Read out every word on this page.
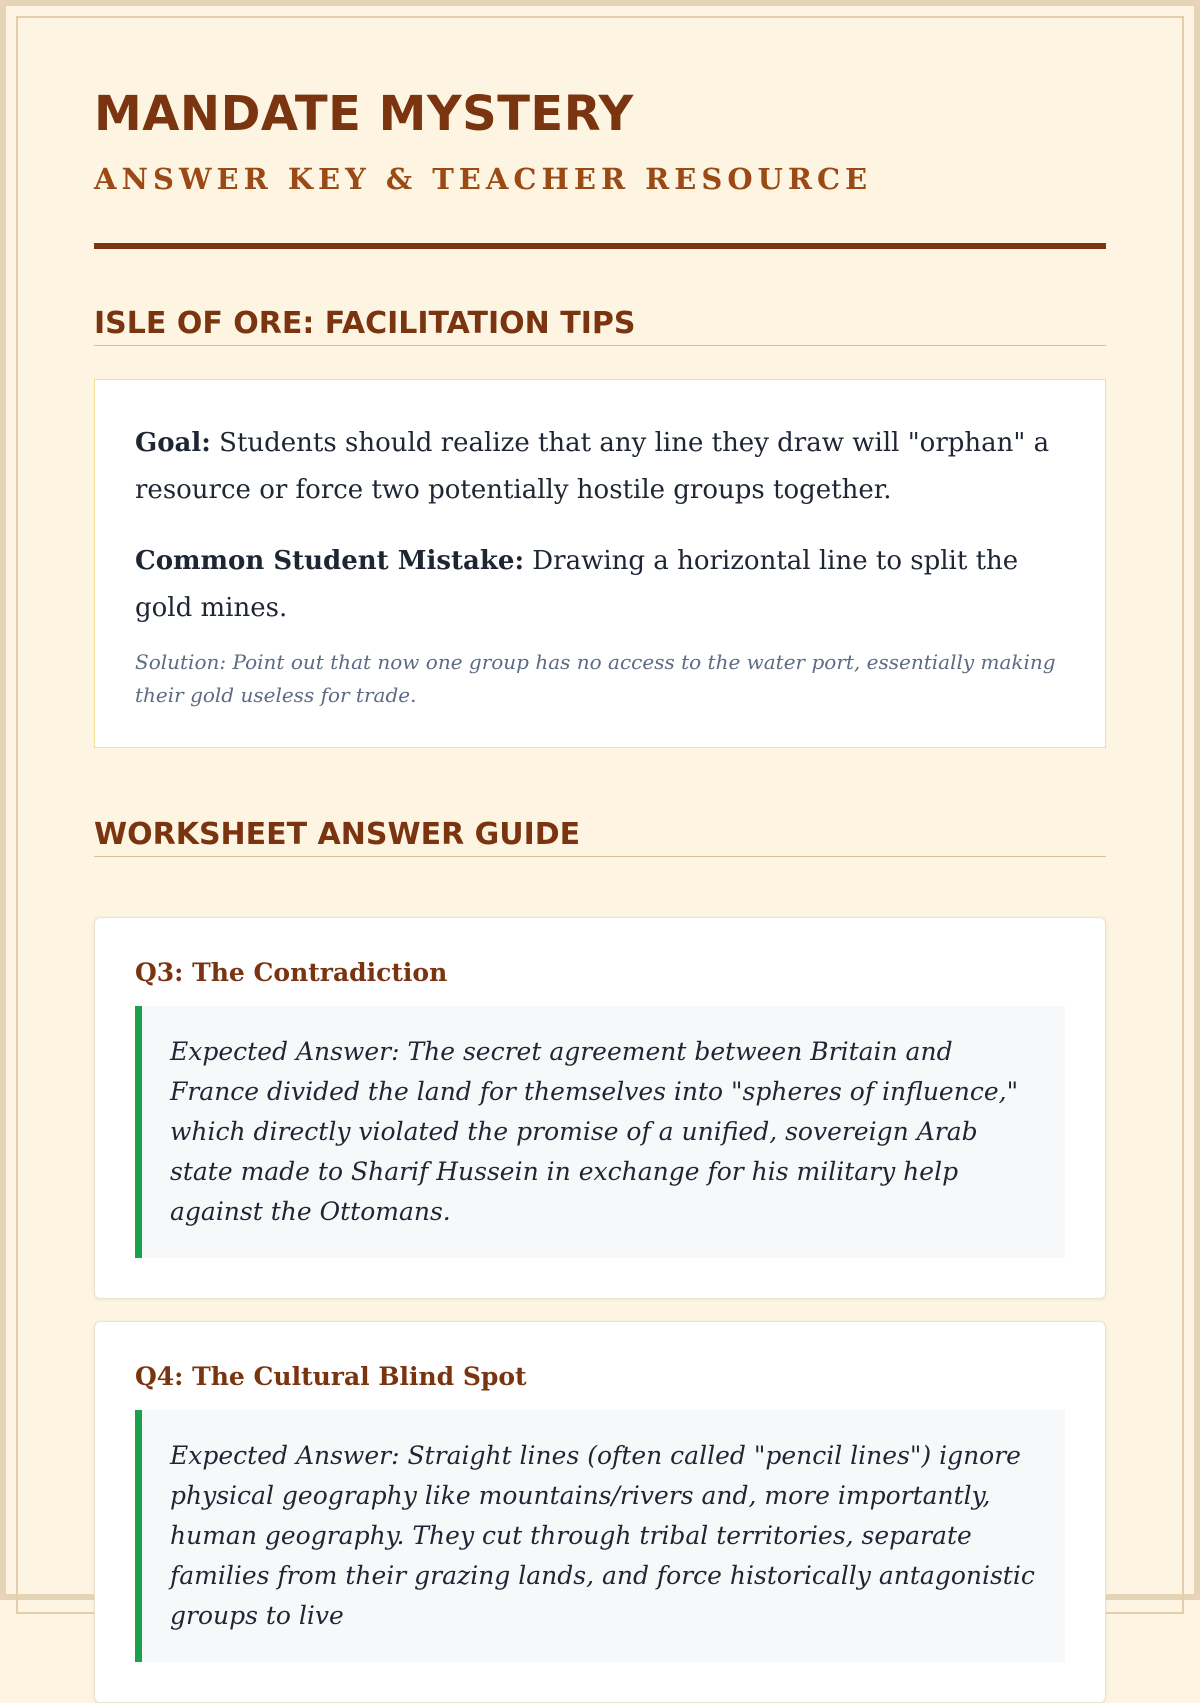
MANDATE MYSTERY

ANSWER KEY & TEACHER RESOURCE

ISLE OF ORE: FACILITATION TIPS

Goal: Students should realize that any line they draw will "orphan" a resource or force two potentially hostile groups together.

Common Student Mistake: Drawing a horizontal line to split the gold mines.

Solution: Point out that now one group has no access to the water port, essentially making their gold useless for trade.

WORKSHEET ANSWER GUIDE
Q3: The Contradiction
Expected Answer: The secret agreement between Britain and France divided the land for themselves into "spheres of influence," which directly violated the promise of a unified, sovereign Arab state made to Sharif Hussein in exchange for his military help against the Ottomans.
Q4: The Cultural Blind Spot
Expected Answer: Straight lines (often called "pencil lines") ignore physical geography like mountains/rivers and, more importantly, human geography. They cut through tribal territories, separate families from their grazing lands, and force historically antagonistic groups to live
